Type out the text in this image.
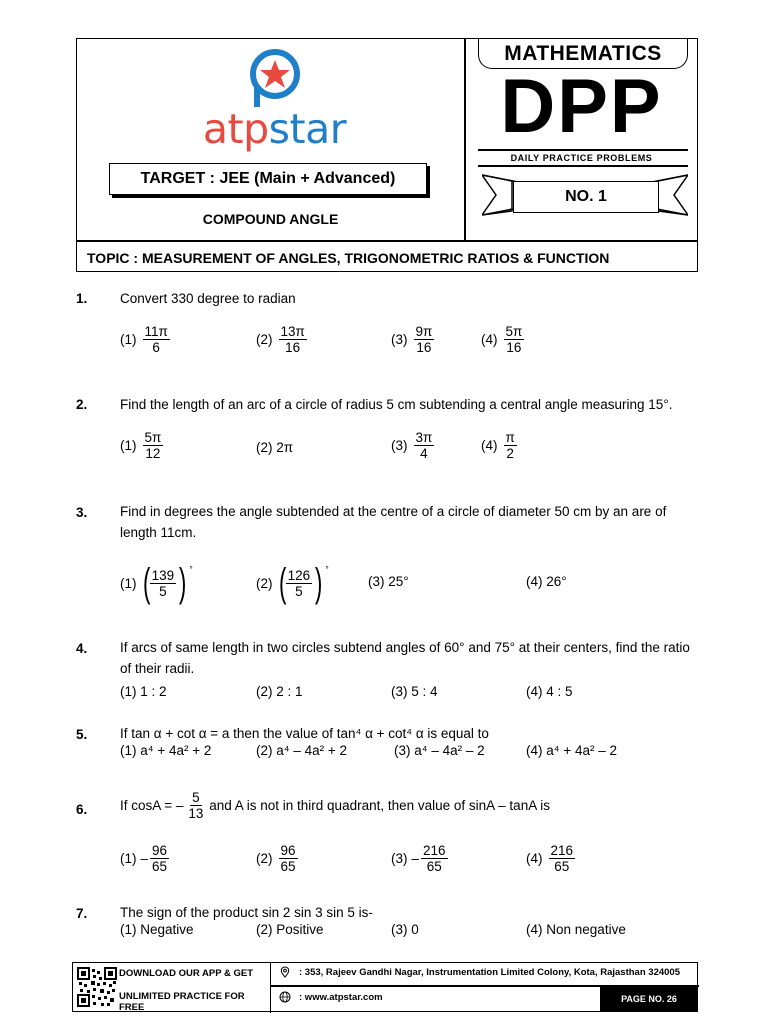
atpstar
TARGET : JEE (Main + Advanced)
COMPOUND ANGLE
TOPIC : MEASUREMENT OF ANGLES, TRIGONOMETRIC RATIOS & FUNCTION
MATHEMATICS
DPP
DAILY PRACTICE PROBLEMS
NO. 1
1. Convert 330 degree to radian
$(1) \frac{11\pi}{6}$	$(2) \frac{13\pi}{16}$	$(3) \frac{9\pi}{16}$	$(4) \frac{5\pi}{16}$
2. Find the length of an arc of a circle of radius 5 cm subtending a central angle measuring 15°.
$(1) \frac{5\pi}{12}$	(2)
2π	$(3) \frac{3\pi}{4}$	$(4) \frac{\pi}{2}$
3. Find in degrees the angle subtended at the centre of a circle of diameter 50 cm by an are of
length 11cm.
(1)
(
$\frac{139}{5}$ ) °
(2)
(
$\frac{126}{5}$ ) °
(3)
25°	(4)
26°
4. If arcs of same length in two circles subtend angles of 60° and 75° at their centers, find the ratio
of their radii.
(1)
1 : 2	(2)
2 : 1	(3)
5 : 4	(4)
4 : 5
5. If tan α + cot α = a then the value of tan⁴ α + cot⁴ α is equal to
(1)
a⁴ + 4a² + 2	(2)
a⁴ – 4a² + 2	(3)
a⁴ – 4a² – 2	(4)
a⁴ + 4a² – 2
6. If cosA = – $\frac{5}{13}$
and A is not in third quadrant, then value of sinA – tanA is
$(1) - \frac{96}{65}$	$(2) \frac{96}{65}$	$(3) - \frac{216}{65}$	$(4) \frac{216}{65}$
7. The sign of the product sin 2 sin 3 sin 5 is-
(1)
Negative	(2)
Positive	(3)
0	(4)
Non negative
DOWNLOAD OUR APP & GET
UNLIMITED PRACTICE FOR FREE
: 353, Rajeev Gandhi Nagar, Instrumentation Limited Colony, Kota, Rajasthan 324005
: www.atpstar.com	PAGE NO. 26
